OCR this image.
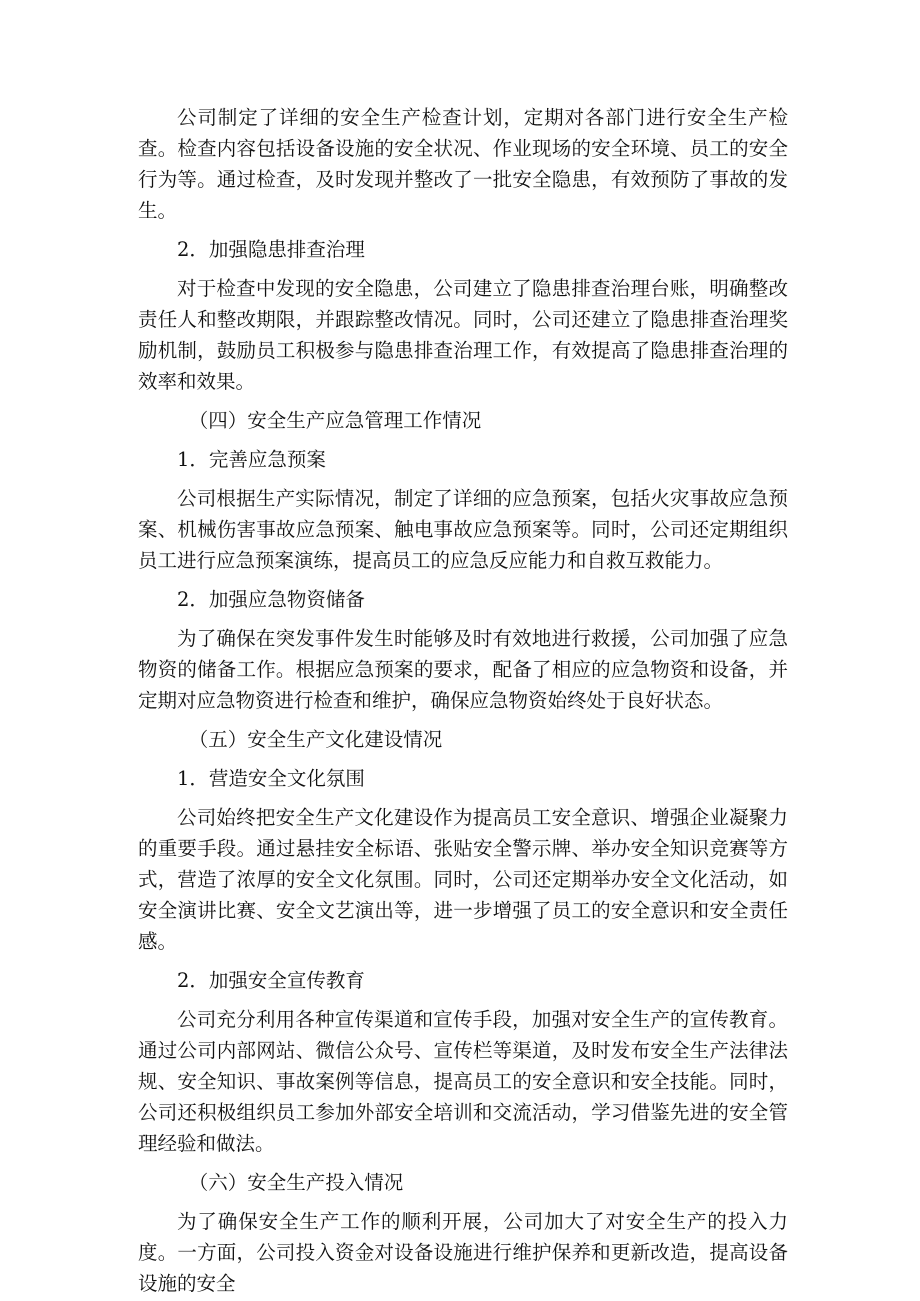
公司制定了详细的安全生产检查计划，定期对各部门进行安全生产检查。检查内容包括设备设施的安全状况、作业现场的安全环境、员工的安全行为等。通过检查，及时发现并整改了一批安全隐患，有效预防了事故的发生。

2．加强隐患排查治理

对于检查中发现的安全隐患，公司建立了隐患排查治理台账，明确整改责任人和整改期限，并跟踪整改情况。同时，公司还建立了隐患排查治理奖励机制，鼓励员工积极参与隐患排查治理工作，有效提高了隐患排查治理的效率和效果。

（四）安全生产应急管理工作情况

1．完善应急预案

公司根据生产实际情况，制定了详细的应急预案，包括火灾事故应急预案、机械伤害事故应急预案、触电事故应急预案等。同时，公司还定期组织员工进行应急预案演练，提高员工的应急反应能力和自救互救能力。

2．加强应急物资储备

为了确保在突发事件发生时能够及时有效地进行救援，公司加强了应急物资的储备工作。根据应急预案的要求，配备了相应的应急物资和设备，并定期对应急物资进行检查和维护，确保应急物资始终处于良好状态。

（五）安全生产文化建设情况

1．营造安全文化氛围

公司始终把安全生产文化建设作为提高员工安全意识、增强企业凝聚力的重要手段。通过悬挂安全标语、张贴安全警示牌、举办安全知识竞赛等方式，营造了浓厚的安全文化氛围。同时，公司还定期举办安全文化活动，如安全演讲比赛、安全文艺演出等，进一步增强了员工的安全意识和安全责任感。

2．加强安全宣传教育

公司充分利用各种宣传渠道和宣传手段，加强对安全生产的宣传教育。通过公司内部网站、微信公众号、宣传栏等渠道，及时发布安全生产法律法规、安全知识、事故案例等信息，提高员工的安全意识和安全技能。同时，公司还积极组织员工参加外部安全培训和交流活动，学习借鉴先进的安全管理经验和做法。

（六）安全生产投入情况

为了确保安全生产工作的顺利开展，公司加大了对安全生产的投入力度。一方面，公司投入资金对设备设施进行维护保养和更新改造，提高设备设施的安全
